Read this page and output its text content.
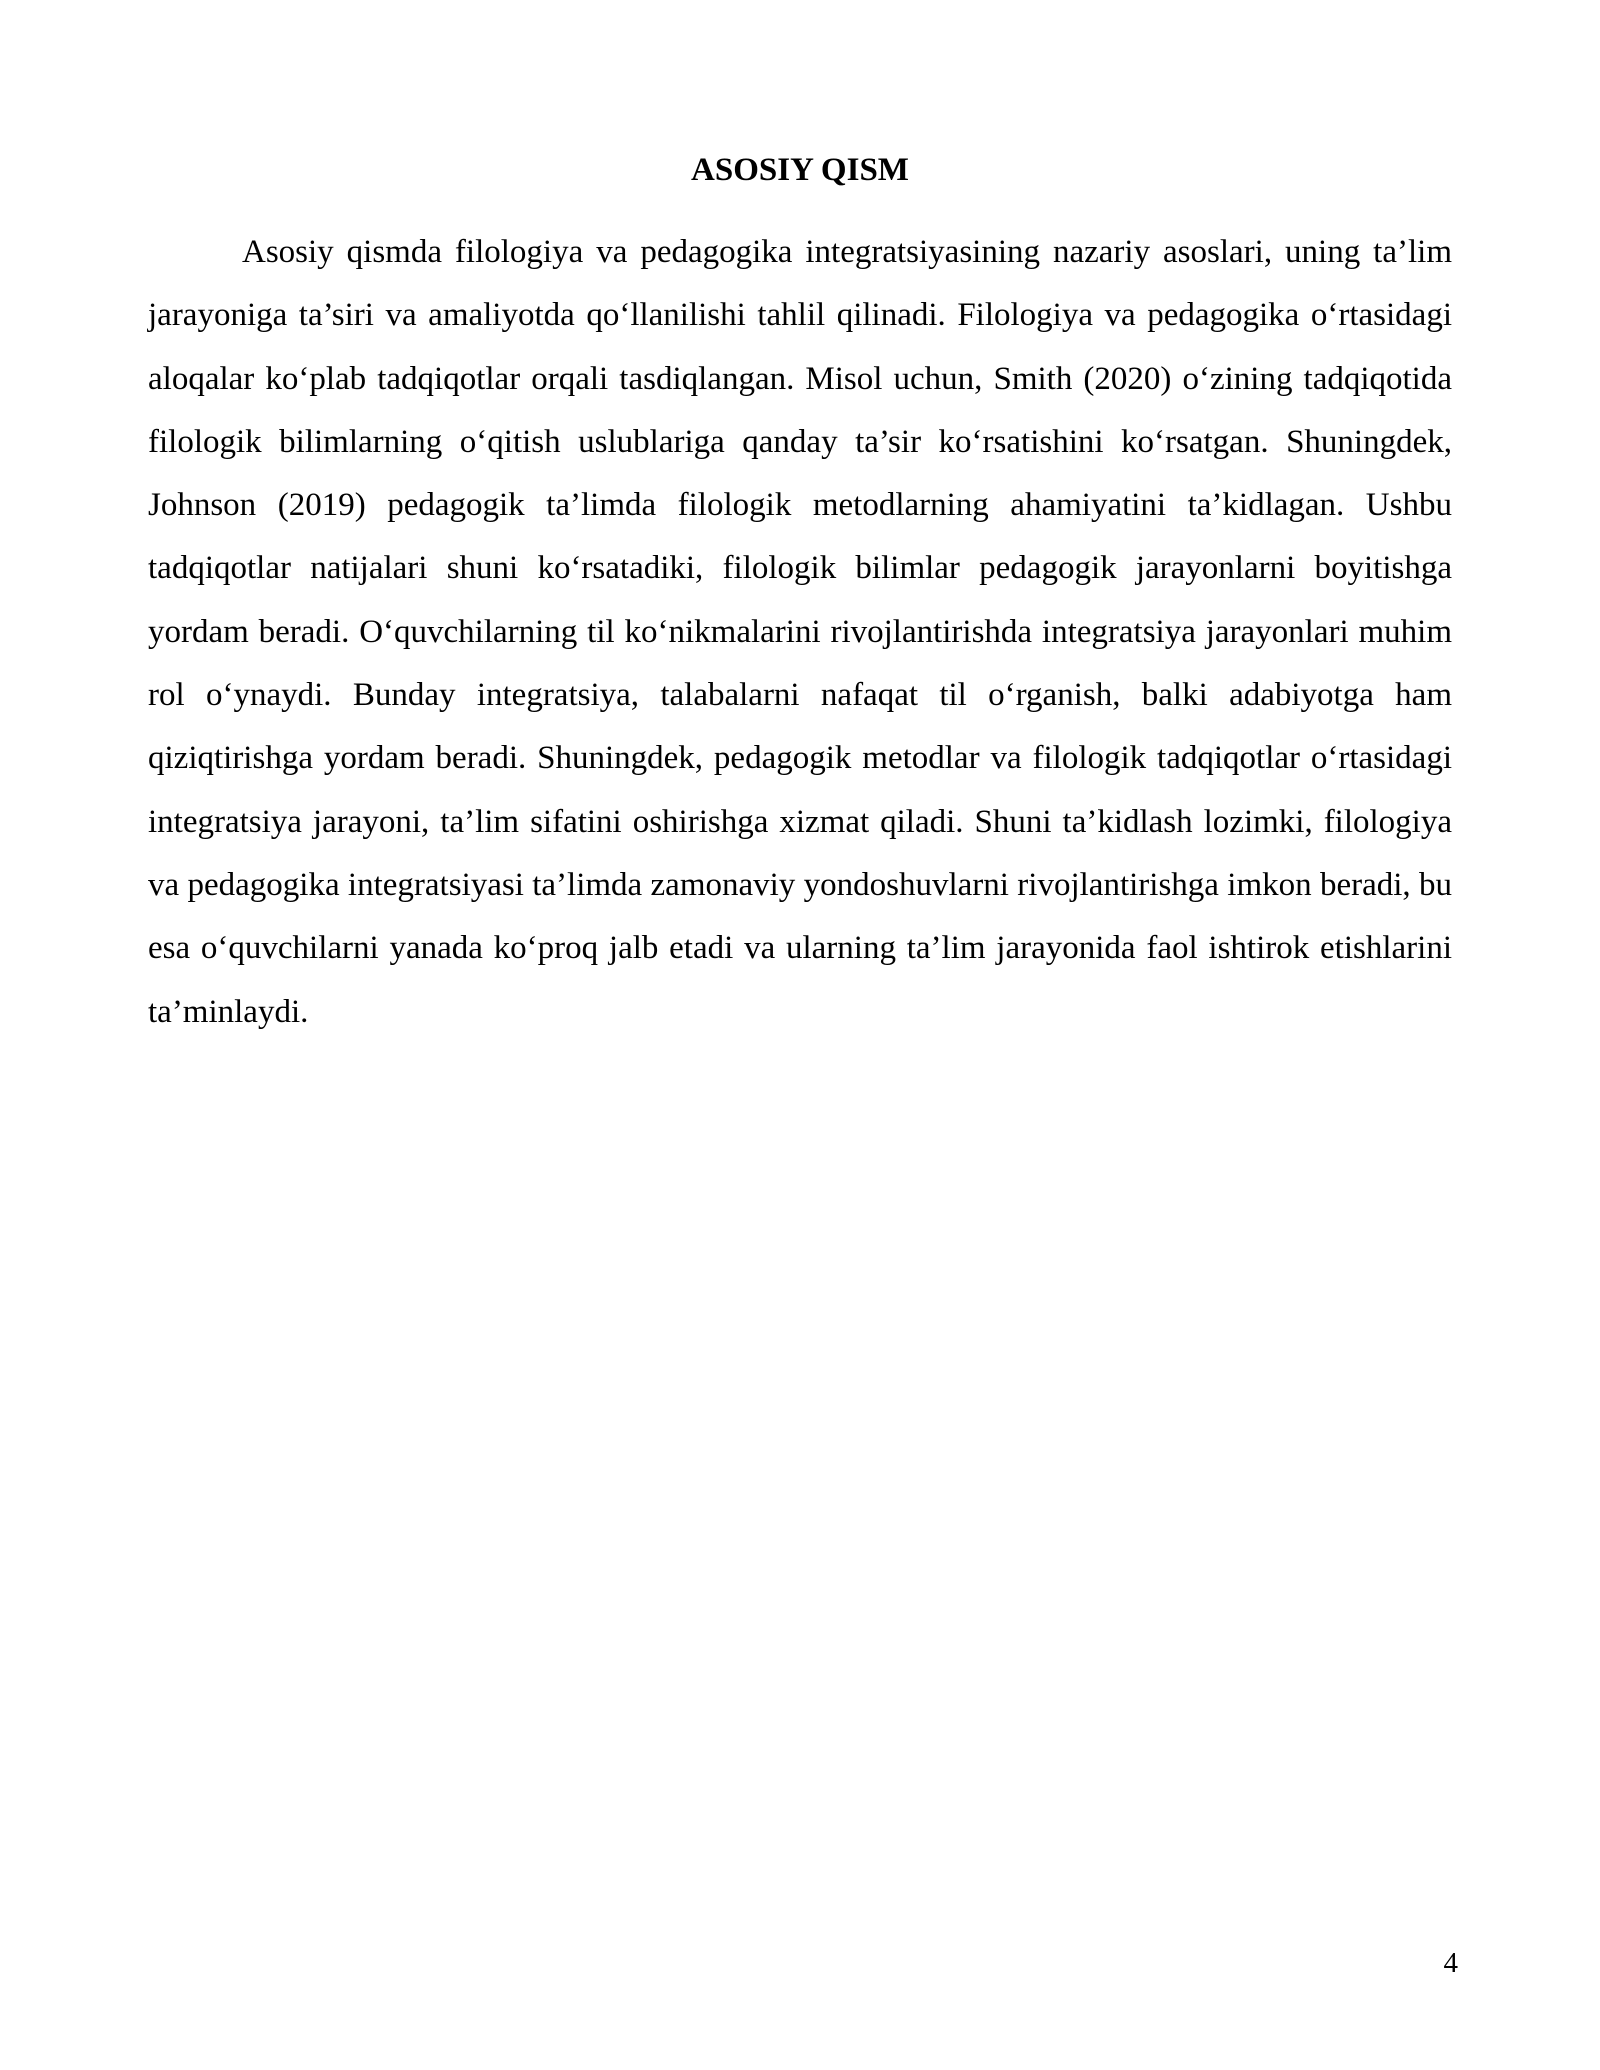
ASOSIY QISM

Asosiy qismda filologiya va pedagogika integratsiyasining nazariy asoslari, uning ta’lim jarayoniga ta’siri va amaliyotda qo‘llanilishi tahlil qilinadi. Filologiya va pedagogika o‘rtasidagi aloqalar ko‘plab tadqiqotlar orqali tasdiqlangan. Misol uchun, Smith (2020) o‘zining tadqiqotida filologik bilimlarning o‘qitish uslublariga qanday ta’sir ko‘rsatishini ko‘rsatgan. Shuningdek, Johnson (2019) pedagogik ta’limda filologik metodlarning ahamiyatini ta’kidlagan. Ushbu tadqiqotlar natijalari shuni ko‘rsatadiki, filologik bilimlar pedagogik jarayonlarni boyitishga yordam beradi. O‘quvchilarning til ko‘nikmalarini rivojlantirishda integratsiya jarayonlari muhim rol o‘ynaydi. Bunday integratsiya, talabalarni nafaqat til o‘rganish, balki adabiyotga ham qiziqtirishga yordam beradi. Shuningdek, pedagogik metodlar va filologik tadqiqotlar o‘rtasidagi integratsiya jarayoni, ta’lim sifatini oshirishga xizmat qiladi. Shuni ta’kidlash lozimki, filologiya va pedagogika integratsiyasi ta’limda zamonaviy yondoshuvlarni rivojlantirishga imkon beradi, bu esa o‘quvchilarni yanada ko‘proq jalb etadi va ularning ta’lim jarayonida faol ishtirok etishlarini ta’minlaydi.

4
